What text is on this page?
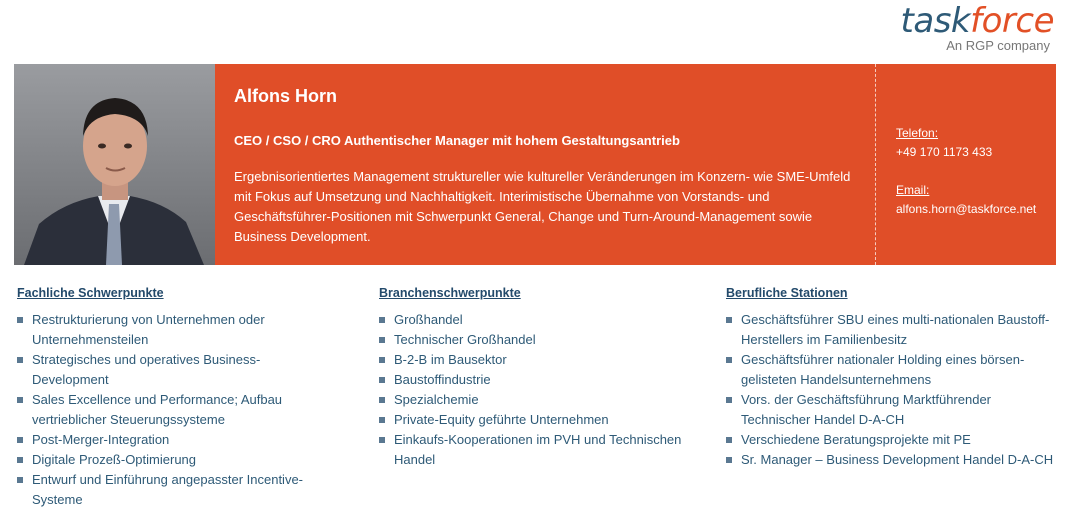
taskforce
An RGP company
Alfons Horn
CEO / CSO / CRO Authentischer Manager mit hohem Gestaltungsantrieb
Ergebnisorientiertes Management struktureller wie kultureller Veränderungen im Konzern- wie SME-Umfeld mit Fokus auf Umsetzung und Nachhaltigkeit. Interimistische Übernahme von Vorstands- und Geschäftsführer-Positionen mit Schwerpunkt General, Change und Turn-Around-Management sowie Business Development.
Telefon:
+49 170 1173 433
Email:
alfons.horn@taskforce.net
Fachliche Schwerpunkte
Restrukturierung von Unternehmen oder Unternehmensteilen
Strategisches und operatives Business-Development
Sales Excellence und Performance; Aufbau vertrieblicher Steuerungssysteme
Post-Merger-Integration
Digitale Prozeß-Optimierung
Entwurf und Einführung angepasster Incentive-Systeme
Branchenschwerpunkte
Großhandel
Technischer Großhandel
B-2-B im Bausektor
Baustoffindustrie
Spezialchemie
Private-Equity geführte Unternehmen
Einkaufs-Kooperationen im PVH und Technischen Handel
Berufliche Stationen
Geschäftsführer SBU eines multi-nationalen Baustoff-Herstellers im Familienbesitz
Geschäftsführer nationaler Holding eines börsen-gelisteten Handelsunternehmens
Vors. der Geschäftsführung Marktführender Technischer Handel D-A-CH
Verschiedene Beratungsprojekte mit PE
Sr. Manager – Business Development Handel D-A-CH
